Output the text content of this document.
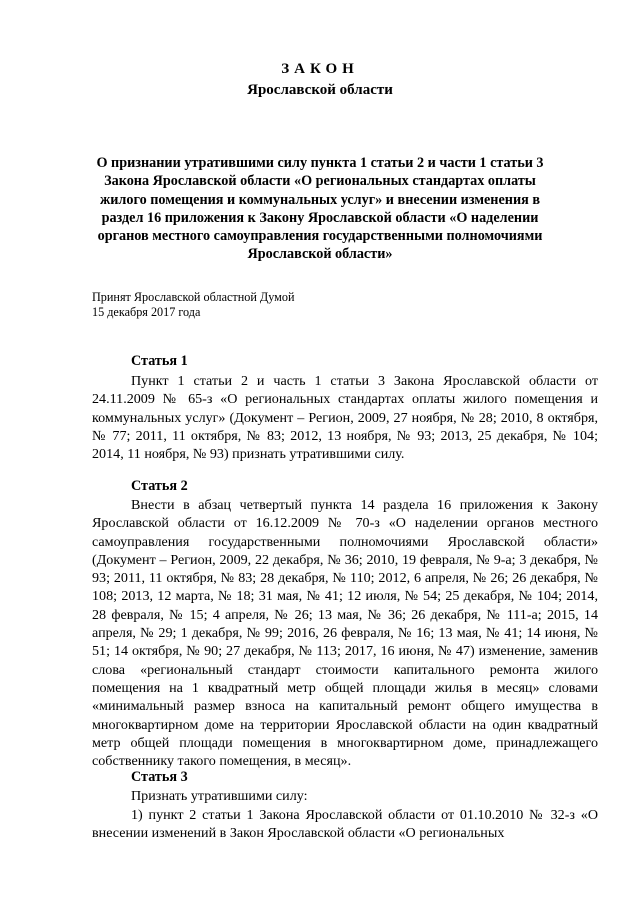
ЗАКОН
Ярославской области
О признании утратившими силу пункта 1 статьи 2 и части 1 статьи 3 Закона Ярославской области «О региональных стандартах оплаты жилого помещения и коммунальных услуг» и внесении изменения в раздел 16 приложения к Закону Ярославской области «О наделении органов местного самоуправления государственными полномочиями Ярославской области»
Принят Ярославской областной Думой
15 декабря 2017 года
Статья 1
Пункт 1 статьи 2 и часть 1 статьи 3 Закона Ярославской области от 24.11.2009 № 65-з «О региональных стандартах оплаты жилого помещения и коммунальных услуг» (Документ – Регион, 2009, 27 ноября, № 28; 2010, 8 октября, № 77; 2011, 11 октября, № 83; 2012, 13 ноября, № 93; 2013, 25 декабря, № 104; 2014, 11 ноября, № 93) признать утратившими силу.
Статья 2
Внести в абзац четвертый пункта 14 раздела 16 приложения к Закону Ярославской области от 16.12.2009 № 70-з «О наделении органов местного самоуправления государственными полномочиями Ярославской области» (Документ – Регион, 2009, 22 декабря, № 36; 2010, 19 февраля, № 9-а; 3 декабря, № 93; 2011, 11 октября, № 83; 28 декабря, № 110; 2012, 6 апреля, № 26; 26 декабря, № 108; 2013, 12 марта, № 18; 31 мая, № 41; 12 июля, № 54; 25 декабря, № 104; 2014, 28 февраля, № 15; 4 апреля, № 26; 13 мая, № 36; 26 декабря, № 111-а; 2015, 14 апреля, № 29; 1 декабря, № 99; 2016, 26 февраля, № 16; 13 мая, № 41; 14 июня, № 51; 14 октября, № 90; 27 декабря, № 113; 2017, 16 июня, № 47) изменение, заменив слова «региональный стандарт стоимости капитального ремонта жилого помещения на 1 квадратный метр общей площади жилья в месяц» словами «минимальный размер взноса на капитальный ремонт общего имущества в многоквартирном доме на территории Ярославской области на один квадратный метр общей площади помещения в многоквартирном доме, принадлежащего собственнику такого помещения, в месяц».
Статья 3
Признать утратившими силу:
1) пункт 2 статьи 1 Закона Ярославской области от 01.10.2010 № 32-з «О внесении изменений в Закон Ярославской области «О региональных
